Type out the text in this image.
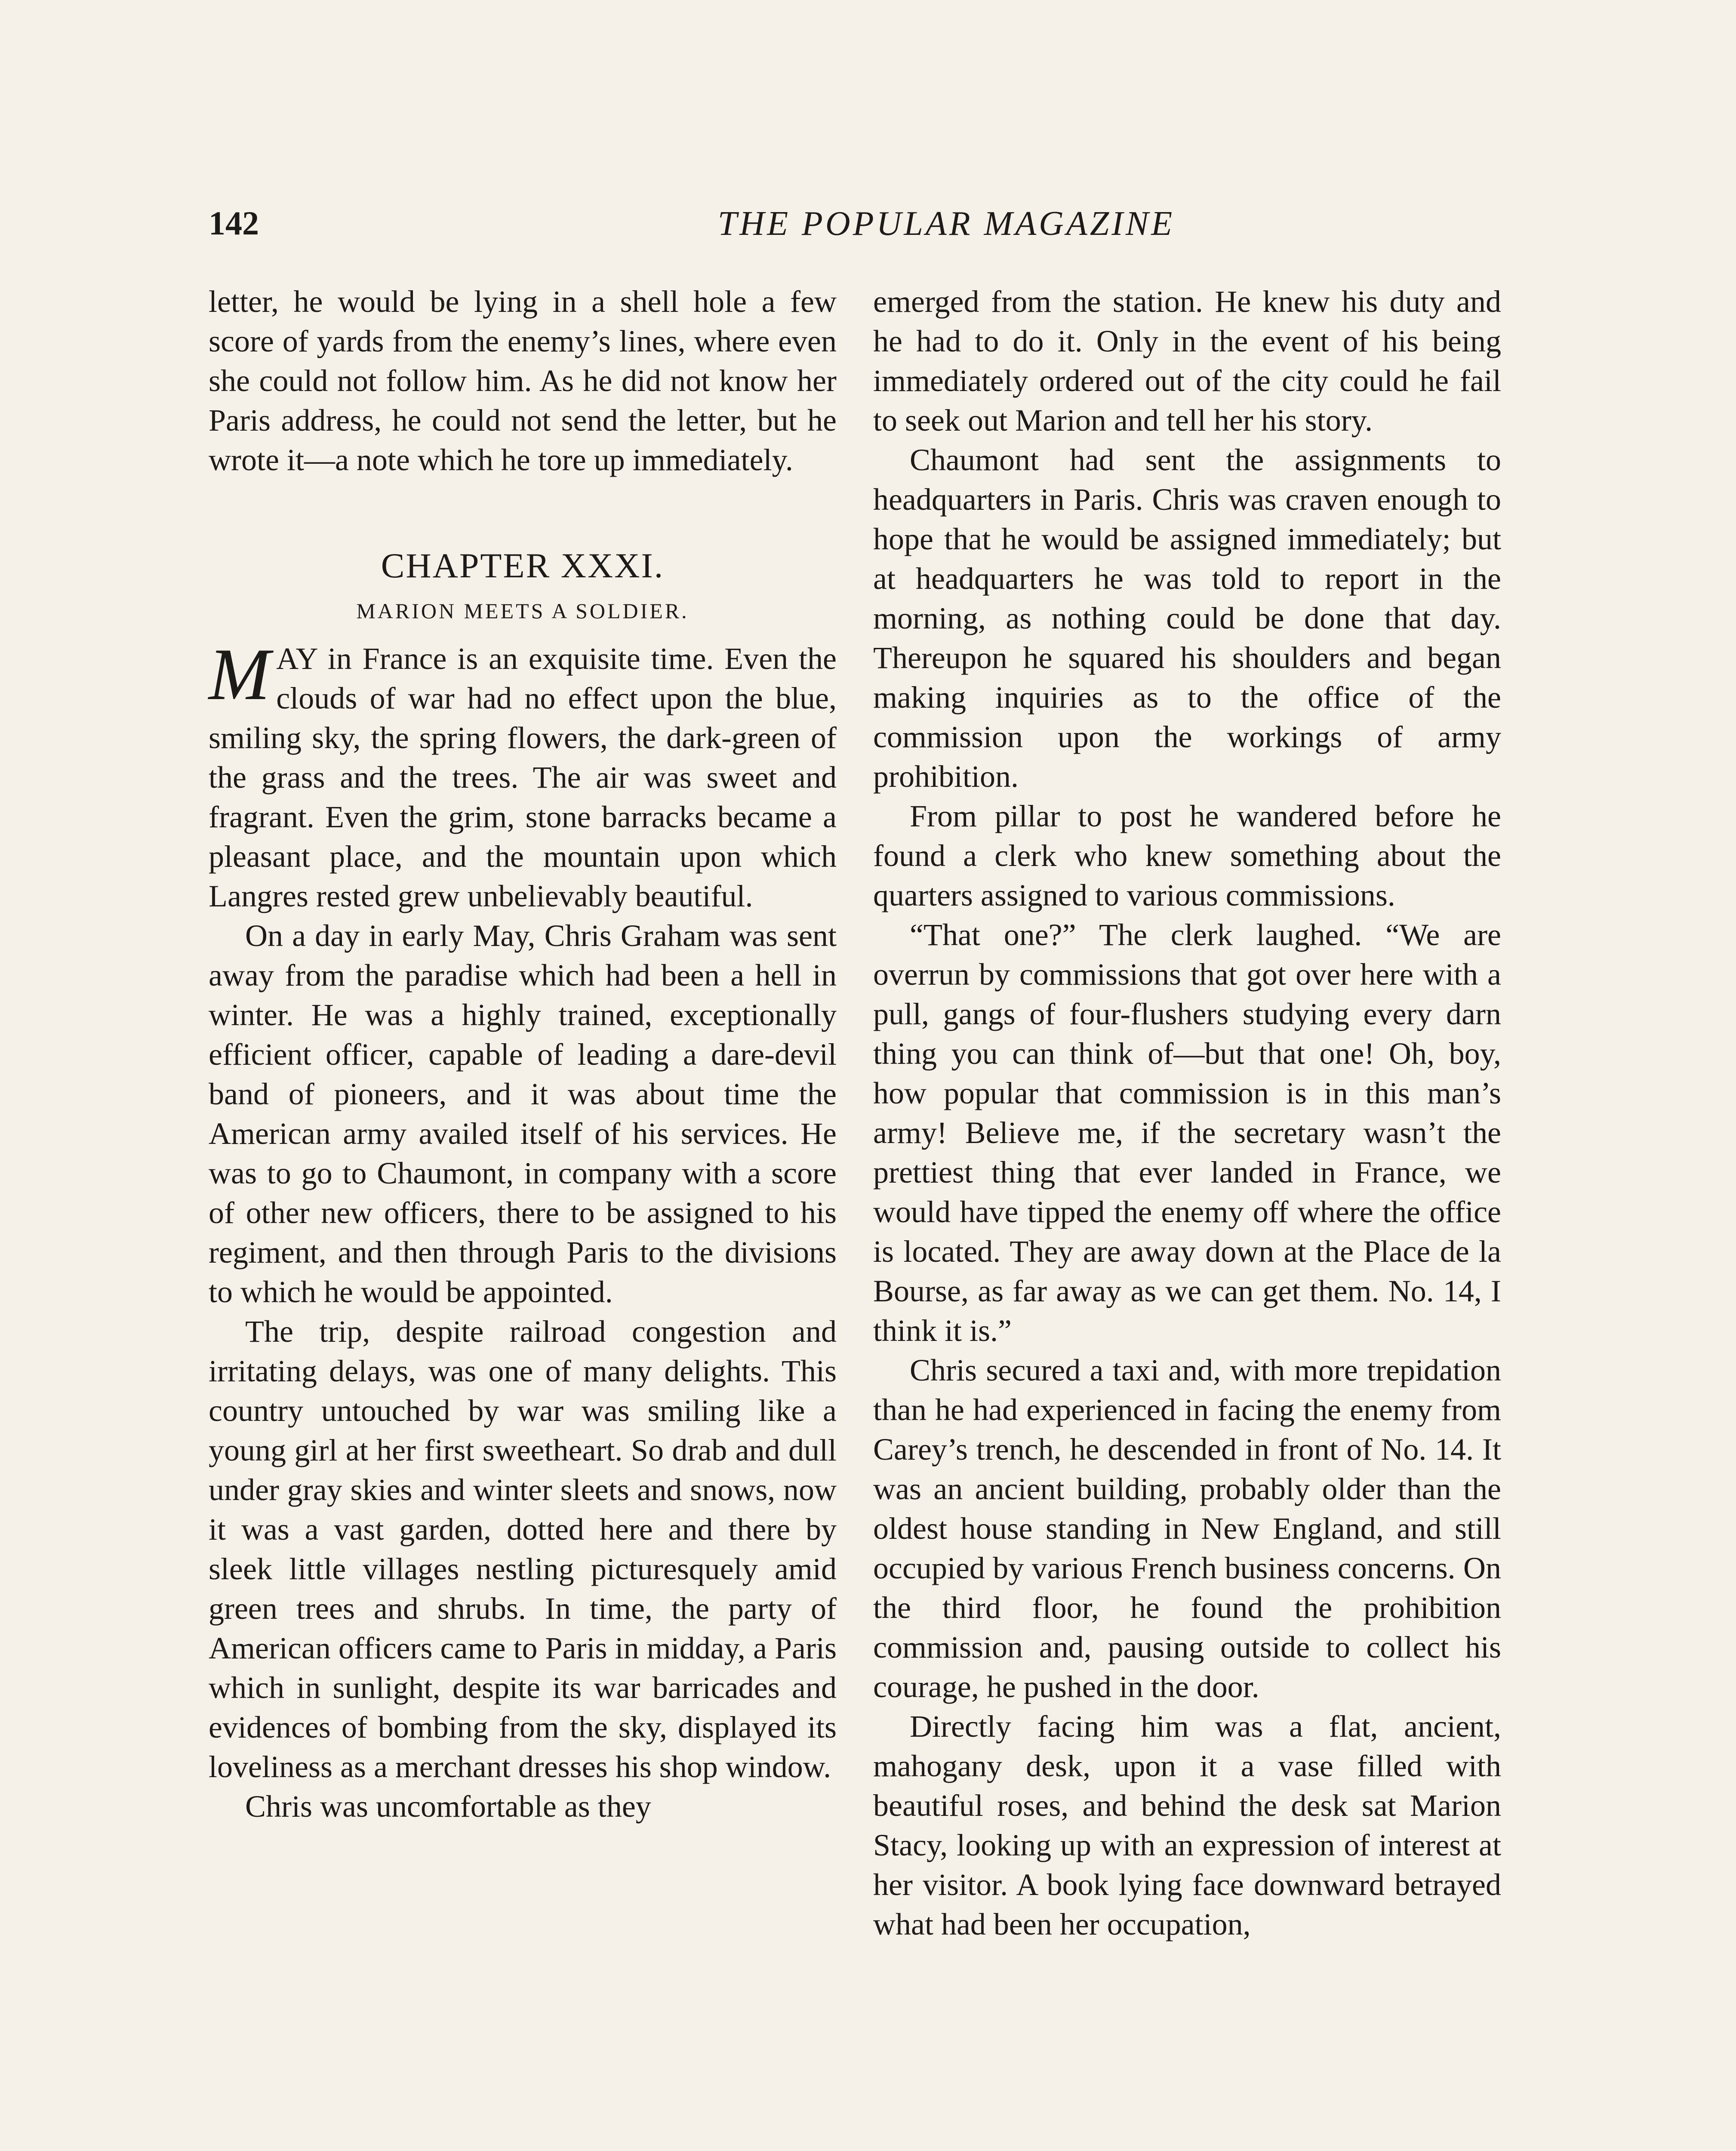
142	THE POPULAR MAGAZINE

letter, he would be lying in a shell hole a few score of yards from the enemy’s lines, where even she could not follow him. As he did not know her Paris address, he could not send the letter, but he wrote it—a note which he tore up immediately.

CHAPTER XXXI.
MARION MEETS A SOLDIER.

MAY in France is an exquisite time. Even the clouds of war had no effect upon the blue, smiling sky, the spring flowers, the dark-green of the grass and the trees. The air was sweet and fragrant. Even the grim, stone barracks became a pleasant place, and the mountain upon which Langres rested grew unbelievably beautiful.

On a day in early May, Chris Graham was sent away from the paradise which had been a hell in winter. He was a highly trained, exceptionally efficient officer, capable of leading a dare-devil band of pioneers, and it was about time the American army availed itself of his services. He was to go to Chaumont, in company with a score of other new officers, there to be assigned to his regiment, and then through Paris to the divisions to which he would be appointed.

The trip, despite railroad congestion and irritating delays, was one of many delights. This country untouched by war was smiling like a young girl at her first sweetheart. So drab and dull under gray skies and winter sleets and snows, now it was a vast garden, dotted here and there by sleek little villages nestling picturesquely amid green trees and shrubs. In time, the party of American officers came to Paris in midday, a Paris which in sunlight, despite its war barricades and evidences of bombing from the sky, displayed its loveliness as a merchant dresses his shop window.

Chris was uncomfortable as they

emerged from the station. He knew his duty and he had to do it. Only in the event of his being immediately ordered out of the city could he fail to seek out Marion and tell her his story.

Chaumont had sent the assignments to headquarters in Paris. Chris was craven enough to hope that he would be assigned immediately; but at headquarters he was told to report in the morning, as nothing could be done that day. Thereupon he squared his shoulders and began making inquiries as to the office of the commission upon the workings of army prohibition.

From pillar to post he wandered before he found a clerk who knew something about the quarters assigned to various commissions.

“That one?” The clerk laughed. “We are overrun by commissions that got over here with a pull, gangs of four-flushers studying every darn thing you can think of—but that one! Oh, boy, how popular that commission is in this man’s army! Believe me, if the secretary wasn’t the prettiest thing that ever landed in France, we would have tipped the enemy off where the office is located. They are away down at the Place de la Bourse, as far away as we can get them. No. 14, I think it is.”

Chris secured a taxi and, with more trepidation than he had experienced in facing the enemy from Carey’s trench, he descended in front of No. 14. It was an ancient building, probably older than the oldest house standing in New England, and still occupied by various French business concerns. On the third floor, he found the prohibition commission and, pausing outside to collect his courage, he pushed in the door.

Directly facing him was a flat, ancient, mahogany desk, upon it a vase filled with beautiful roses, and behind the desk sat Marion Stacy, looking up with an expression of interest at her visitor. A book lying face downward betrayed what had been her occupation,
